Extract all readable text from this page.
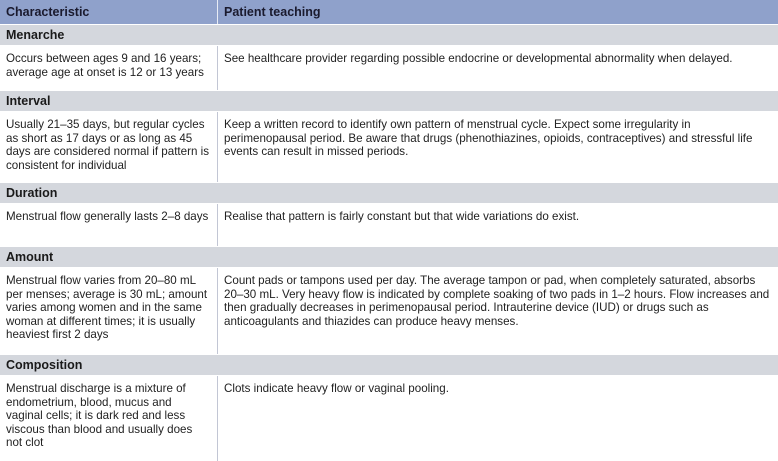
Characteristic	Patient teaching
Menarche
Occurs between ages 9 and 16 years; average age at onset is 12 or 13 years
See healthcare provider regarding possible endocrine or developmental abnormality when delayed.
Interval
Usually 21–35 days, but regular cycles as short as 17 days or as long as 45 days are considered normal if pattern is consistent for individual
Keep a written record to identify own pattern of menstrual cycle. Expect some irregularity in perimenopausal period. Be aware that drugs (phenothiazines, opioids, contraceptives) and stressful life events can result in missed periods.
Duration
Menstrual flow generally lasts 2–8 days	Realise that pattern is fairly constant but that wide variations do exist.
Amount
Menstrual flow varies from 20–80 mL per menses; average is 30 mL; amount varies among women and in the same woman at different times; it is usually heaviest first 2 days
Count pads or tampons used per day. The average tampon or pad, when completely saturated, absorbs 20–30 mL. Very heavy flow is indicated by complete soaking of two pads in 1–2 hours. Flow increases and then gradually decreases in perimenopausal period. Intrauterine device (IUD) or drugs such as anticoagulants and thiazides can produce heavy menses.
Composition
Menstrual discharge is a mixture of endometrium, blood, mucus and vaginal cells; it is dark red and less viscous than blood and usually does not clot
Clots indicate heavy flow or vaginal pooling.
